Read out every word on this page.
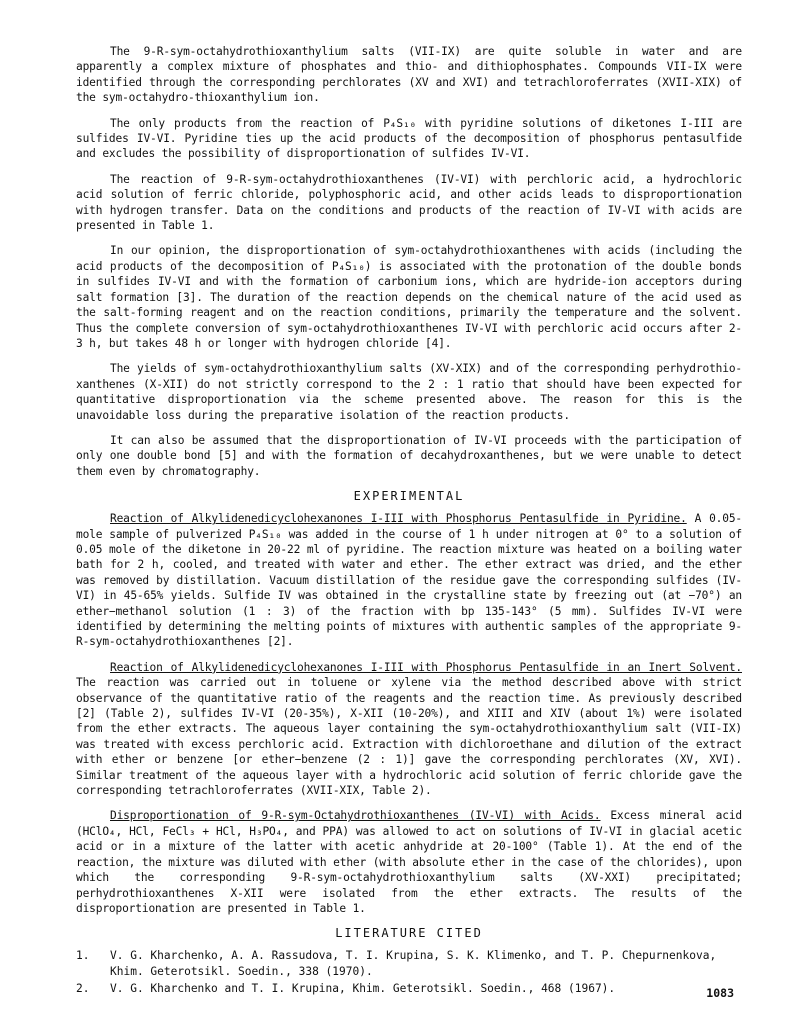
The 9-R-sym-octahydrothioxanthylium salts (VII-IX) are quite soluble in water and are apparently a complex mixture of phosphates and thio- and dithiophosphates. Compounds VII-IX were identified through the corresponding perchlorates (XV and XVI) and tetrachloroferrates (XVII-XIX) of the sym-octahydro-thioxanthylium ion.

The only products from the reaction of P₄S₁₀ with pyridine solutions of diketones I-III are sulfides IV-VI. Pyridine ties up the acid products of the decomposition of phosphorus pentasulfide and excludes the possibility of disproportionation of sulfides IV-VI.

The reaction of 9-R-sym-octahydrothioxanthenes (IV-VI) with perchloric acid, a hydrochloric acid solution of ferric chloride, polyphosphoric acid, and other acids leads to disproportionation with hydrogen transfer. Data on the conditions and products of the reaction of IV-VI with acids are presented in Table 1.

In our opinion, the disproportionation of sym-octahydrothioxanthenes with acids (including the acid products of the decomposition of P₄S₁₀) is associated with the protonation of the double bonds in sulfides IV-VI and with the formation of carbonium ions, which are hydride-ion acceptors during salt formation [3]. The duration of the reaction depends on the chemical nature of the acid used as the salt-forming reagent and on the reaction conditions, primarily the temperature and the solvent. Thus the complete conversion of sym-octahydrothioxanthenes IV-VI with perchloric acid occurs after 2-3 h, but takes 48 h or longer with hydrogen chloride [4].

The yields of sym-octahydrothioxanthylium salts (XV-XIX) and of the corresponding perhydrothio-xanthenes (X-XII) do not strictly correspond to the 2 : 1 ratio that should have been expected for quantitative disproportionation via the scheme presented above. The reason for this is the unavoidable loss during the preparative isolation of the reaction products.

It can also be assumed that the disproportionation of IV-VI proceeds with the participation of only one double bond [5] and with the formation of decahydroxanthenes, but we were unable to detect them even by chromatography.

EXPERIMENTAL

Reaction of Alkylidenedicyclohexanones I-III with Phosphorus Pentasulfide in Pyridine. A 0.05-mole sample of pulverized P₄S₁₀ was added in the course of 1 h under nitrogen at 0° to a solution of 0.05 mole of the diketone in 20-22 ml of pyridine. The reaction mixture was heated on a boiling water bath for 2 h, cooled, and treated with water and ether. The ether extract was dried, and the ether was removed by distillation. Vacuum distillation of the residue gave the corresponding sulfides (IV-VI) in 45-65% yields. Sulfide IV was obtained in the crystalline state by freezing out (at −70°) an ether−methanol solution (1 : 3) of the fraction with bp 135-143° (5 mm). Sulfides IV-VI were identified by determining the melting points of mixtures with authentic samples of the appropriate 9-R-sym-octahydrothioxanthenes [2].

Reaction of Alkylidenedicyclohexanones I-III with Phosphorus Pentasulfide in an Inert Solvent. The reaction was carried out in toluene or xylene via the method described above with strict observance of the quantitative ratio of the reagents and the reaction time. As previously described [2] (Table 2), sulfides IV-VI (20-35%), X-XII (10-20%), and XIII and XIV (about 1%) were isolated from the ether extracts. The aqueous layer containing the sym-octahydrothioxanthylium salt (VII-IX) was treated with excess perchloric acid. Extraction with dichloroethane and dilution of the extract with ether or benzene [or ether−benzene (2 : 1)] gave the corresponding perchlorates (XV, XVI). Similar treatment of the aqueous layer with a hydrochloric acid solution of ferric chloride gave the corresponding tetrachloroferrates (XVII-XIX, Table 2).

Disproportionation of 9-R-sym-Octahydrothioxanthenes (IV-VI) with Acids. Excess mineral acid (HClO₄, HCl, FeCl₃ + HCl, H₃PO₄, and PPA) was allowed to act on solutions of IV-VI in glacial acetic acid or in a mixture of the latter with acetic anhydride at 20-100° (Table 1). At the end of the reaction, the mixture was diluted with ether (with absolute ether in the case of the chlorides), upon which the corresponding 9-R-sym-octahydrothioxanthylium salts (XV-XXI) precipitated; perhydrothioxanthenes X-XII were isolated from the ether extracts. The results of the disproportionation are presented in Table 1.

LITERATURE CITED
1.	V. G. Kharchenko, A. A. Rassudova, T. I. Krupina, S. K. Klimenko, and T. P. Chepurnenkova, Khim. Geterotsikl. Soedin., 338 (1970).
2.	V. G. Kharchenko and T. I. Krupina, Khim. Geterotsikl. Soedin., 468 (1967).	1083
